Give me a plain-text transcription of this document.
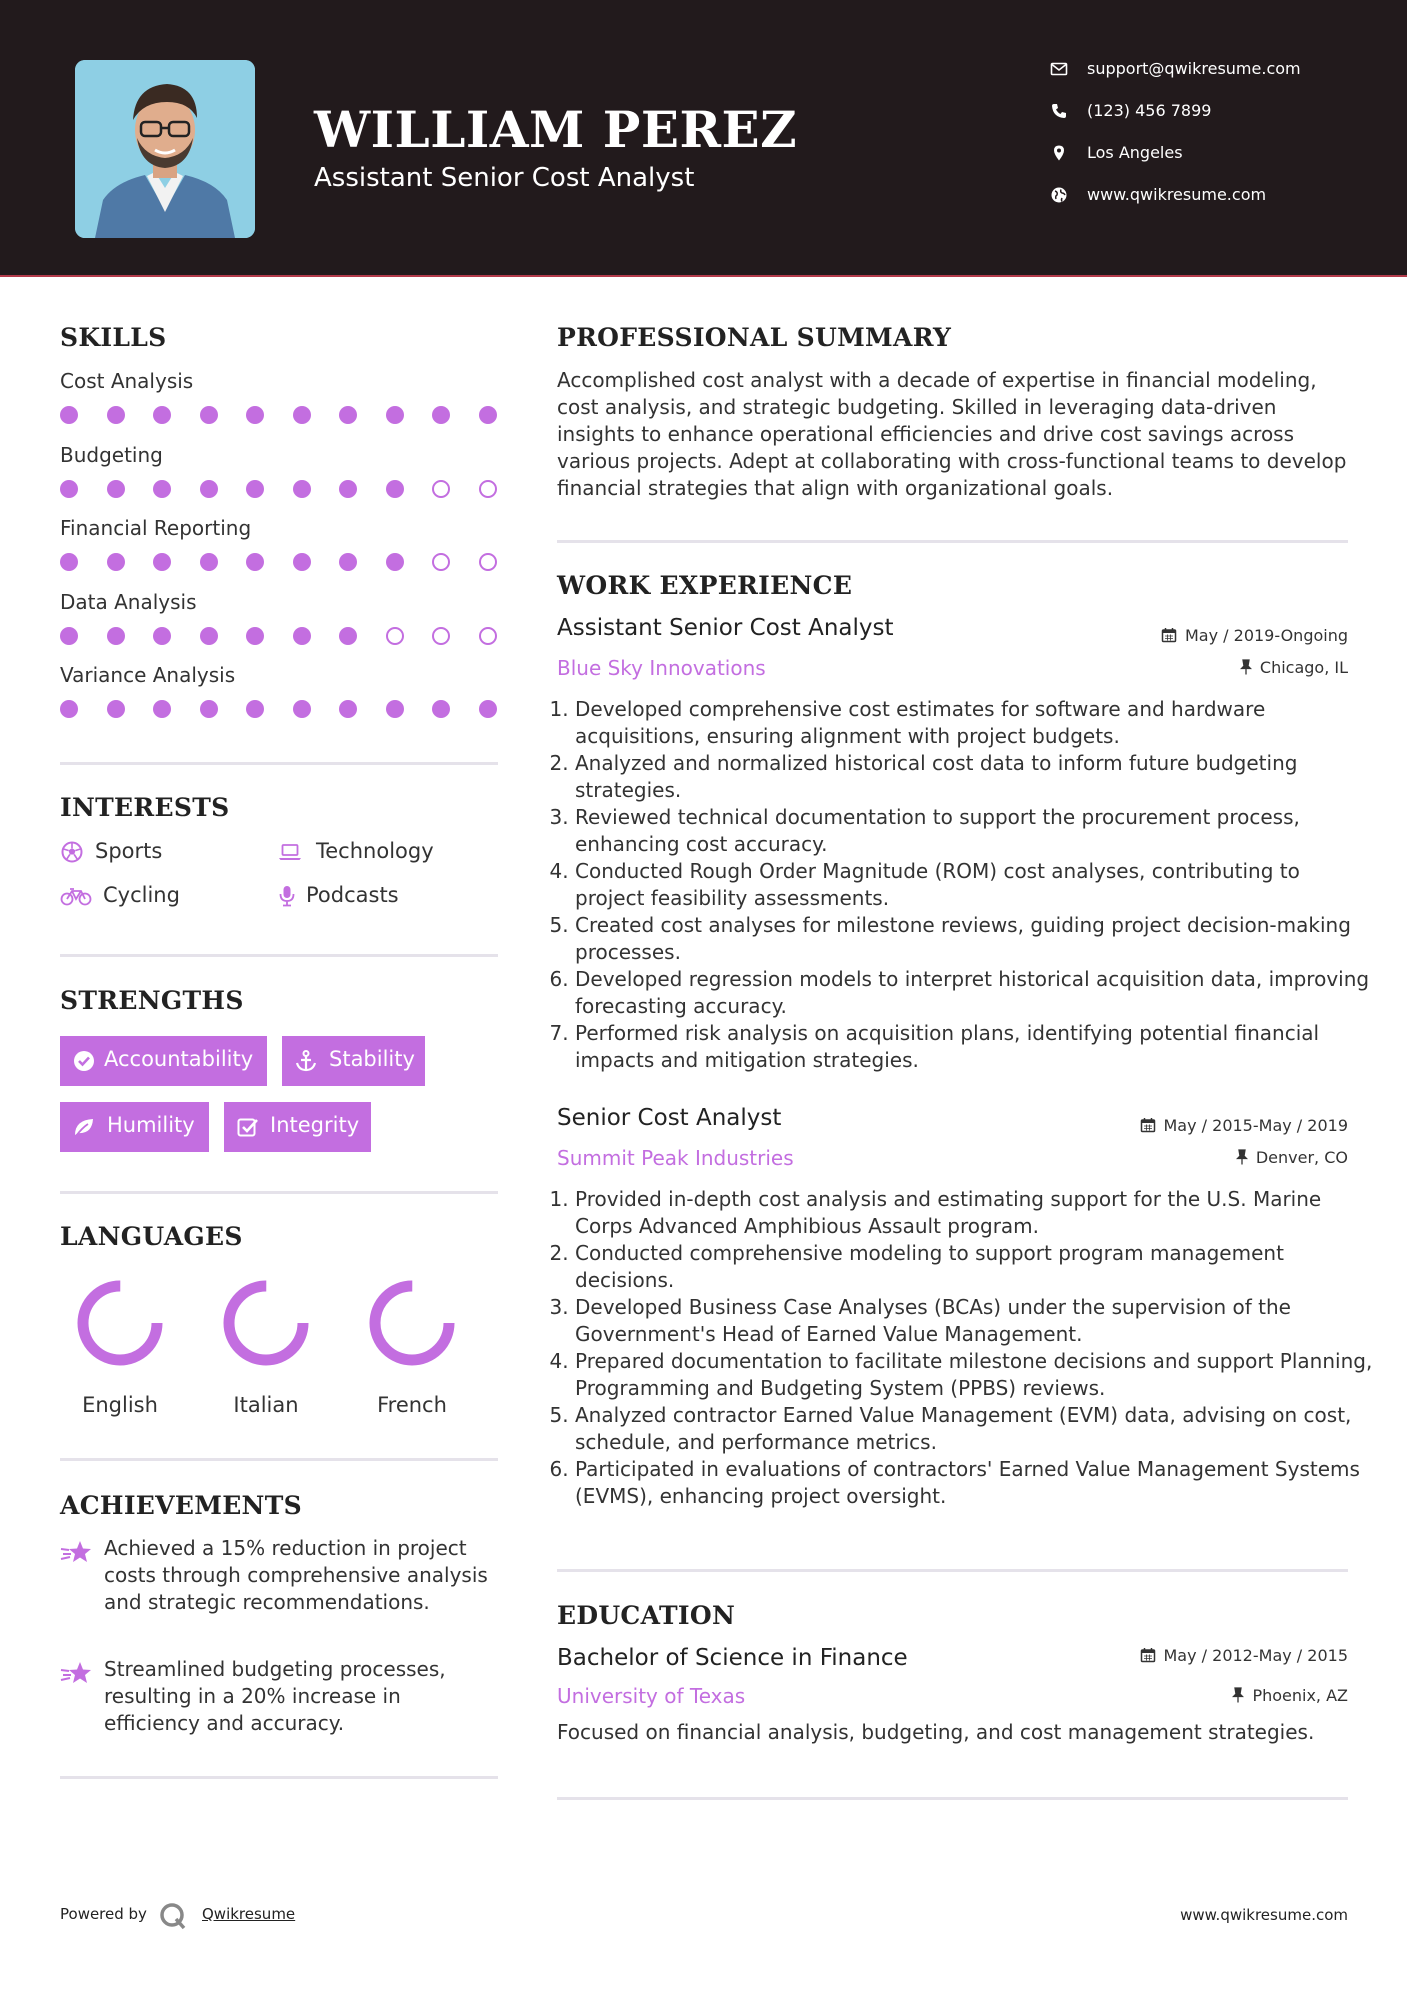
WILLIAM PEREZ
Assistant Senior Cost Analyst
support@qwikresume.com
(123) 456 7899
Los Angeles
www.qwikresume.com
SKILLS
Cost Analysis
Budgeting
Financial Reporting
Data Analysis
Variance Analysis
INTERESTS
Sports	Technology
Cycling	Podcasts
STRENGTHS
Accountability	Stability
Humility	Integrity
LANGUAGES
English	Italian	French
ACHIEVEMENTS
Achieved a 15% reduction in project costs through comprehensive analysis and strategic recommendations.
Streamlined budgeting processes, resulting in a 20% increase in efficiency and accuracy.
PROFESSIONAL SUMMARY
Accomplished cost analyst with a decade of expertise in financial modeling, cost analysis, and strategic budgeting. Skilled in leveraging data-driven insights to enhance operational efficiencies and drive cost savings across various projects. Adept at collaborating with cross-functional teams to develop financial strategies that align with organizational goals.
WORK EXPERIENCE
Assistant Senior Cost Analyst	May / 2019-Ongoing
Blue Sky Innovations	Chicago, IL
1. Developed comprehensive cost estimates for software and hardware acquisitions, ensuring alignment with project budgets.
2. Analyzed and normalized historical cost data to inform future budgeting strategies.
3. Reviewed technical documentation to support the procurement process, enhancing cost accuracy.
4. Conducted Rough Order Magnitude (ROM) cost analyses, contributing to project feasibility assessments.
5. Created cost analyses for milestone reviews, guiding project decision-making processes.
6. Developed regression models to interpret historical acquisition data, improving forecasting accuracy.
7. Performed risk analysis on acquisition plans, identifying potential financial impacts and mitigation strategies.
Senior Cost Analyst	May / 2015-May / 2019
Summit Peak Industries	Denver, CO
1. Provided in-depth cost analysis and estimating support for the U.S. Marine Corps Advanced Amphibious Assault program.
2. Conducted comprehensive modeling to support program management decisions.
3. Developed Business Case Analyses (BCAs) under the supervision of the Government's Head of Earned Value Management.
4. Prepared documentation to facilitate milestone decisions and support Planning, Programming and Budgeting System (PPBS) reviews.
5. Analyzed contractor Earned Value Management (EVM) data, advising on cost, schedule, and performance metrics.
6. Participated in evaluations of contractors' Earned Value Management Systems (EVMS), enhancing project oversight.
EDUCATION
Bachelor of Science in Finance	May / 2012-May / 2015
University of Texas	Phoenix, AZ
Focused on financial analysis, budgeting, and cost management strategies.
Powered by	Qwikresume	www.qwikresume.com
